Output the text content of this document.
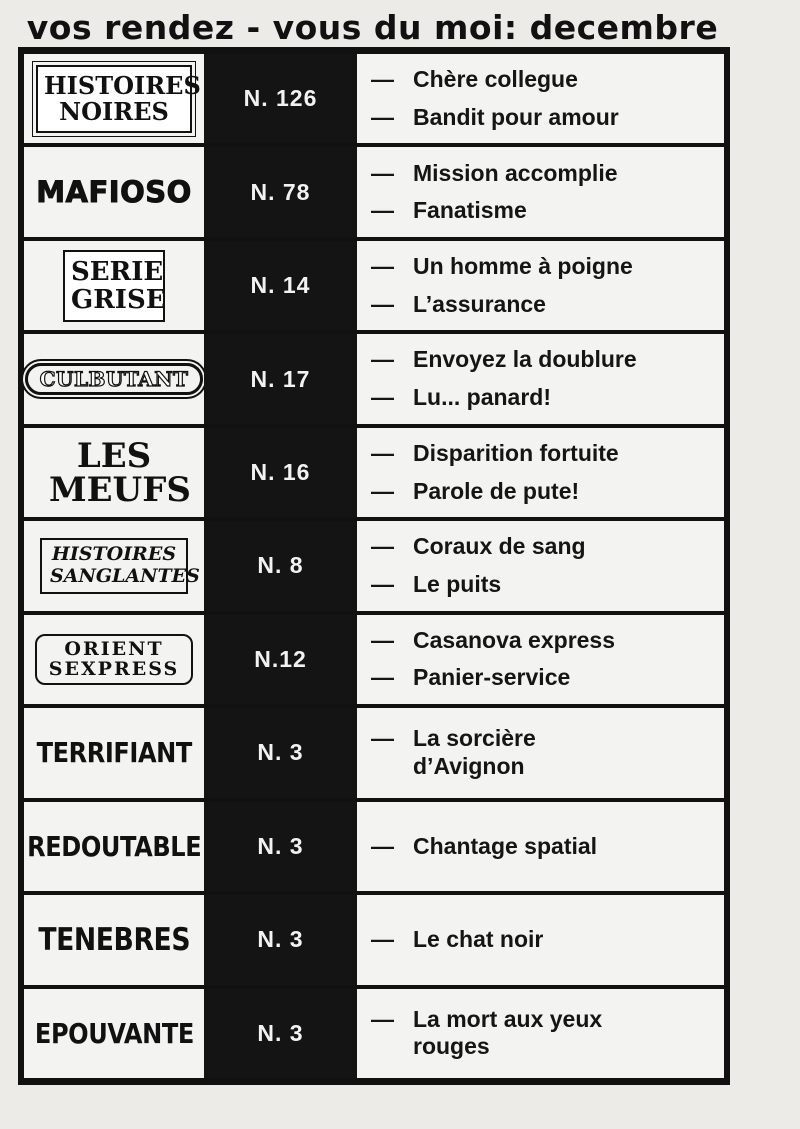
vos rendez - vous du moi: decembre
HISTOIRES NOIRES	N. 126
— Chère collegue
— Bandit pour amour
MAFIOSO	N. 78
— Mission accomplie
— Fanatisme
SERIE GRISE	N. 14
— Un homme à poigne
— L’assurance
CULBUTANT	N. 17
— Envoyez la doublure
— Lu... panard!
LES MEUFS	N. 16
— Disparition fortuite
— Parole de pute!
HISTOIRES SANGLANTES	N. 8
— Coraux de sang
— Le puits
ORIENT SEXPRESS	N.12
— Casanova express
— Panier-service
TERRIFIANT	N. 3
— La sorcière d’Avignon
REDOUTABLE	N. 3	— Chantage spatial
TENEBRES	N. 3	— Le chat noir
EPOUVANTE	N. 3
— La mort aux yeux rouges
